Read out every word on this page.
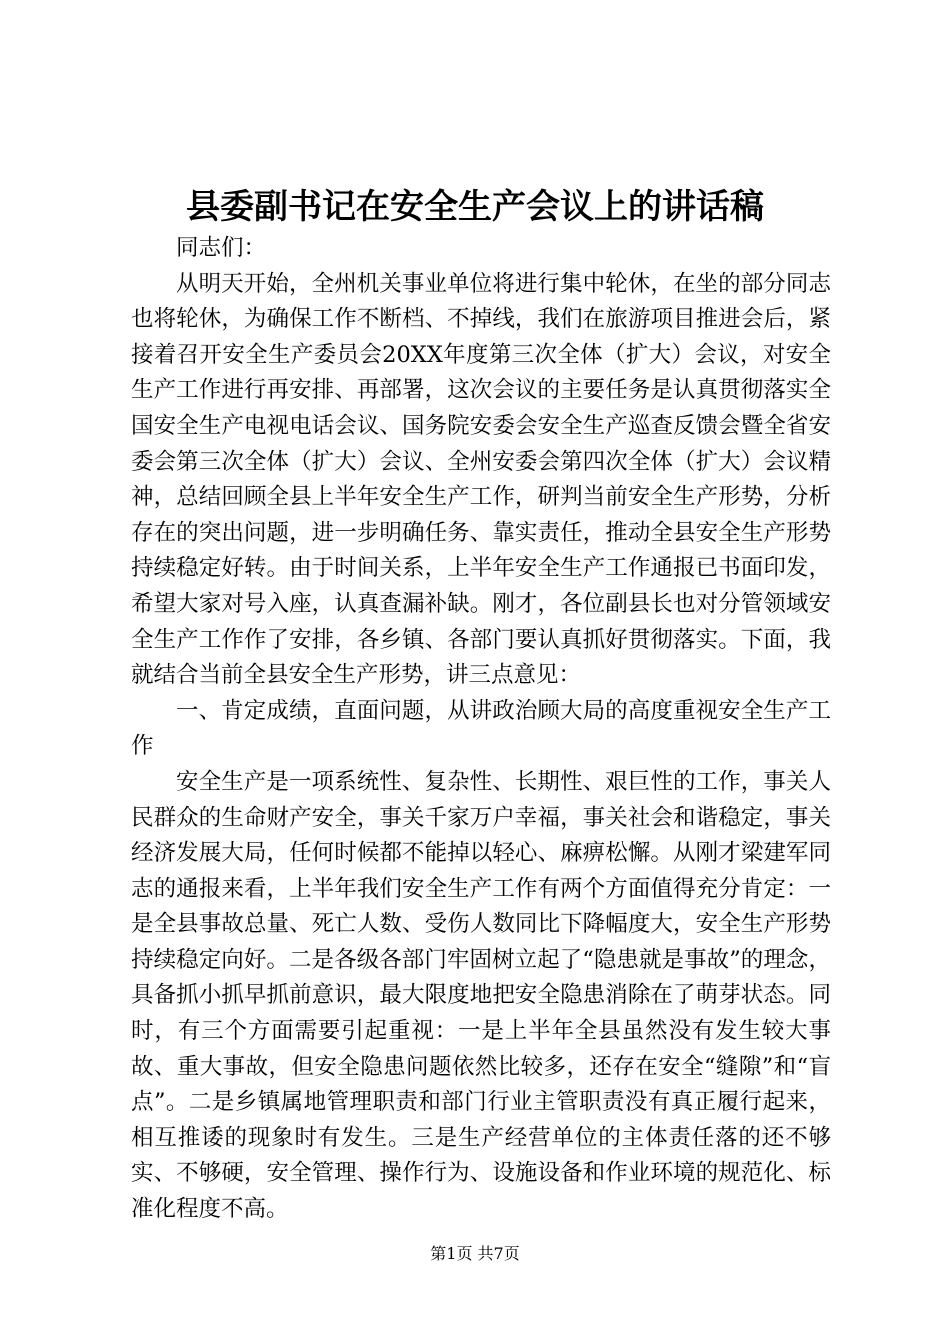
县委副书记在安全生产会议上的讲话稿

同志们：

从明天开始，全州机关事业单位将进行集中轮休，在坐的部分同志也将轮休，为确保工作不断档、不掉线，我们在旅游项目推进会后，紧接着召开安全生产委员会20XX年度第三次全体（扩大）会议，对安全生产工作进行再安排、再部署，这次会议的主要任务是认真贯彻落实全国安全生产电视电话会议、国务院安委会安全生产巡查反馈会暨全省安委会第三次全体（扩大）会议、全州安委会第四次全体（扩大）会议精神，总结回顾全县上半年安全生产工作，研判当前安全生产形势，分析存在的突出问题，进一步明确任务、靠实责任，推动全县安全生产形势持续稳定好转。由于时间关系，上半年安全生产工作通报已书面印发，希望大家对号入座，认真查漏补缺。刚才，各位副县长也对分管领域安全生产工作作了安排，各乡镇、各部门要认真抓好贯彻落实。下面，我就结合当前全县安全生产形势，讲三点意见：

一、肯定成绩，直面问题，从讲政治顾大局的高度重视安全生产工作

安全生产是一项系统性、复杂性、长期性、艰巨性的工作，事关人民群众的生命财产安全，事关千家万户幸福，事关社会和谐稳定，事关经济发展大局，任何时候都不能掉以轻心、麻痹松懈。从刚才梁建军同志的通报来看，上半年我们安全生产工作有两个方面值得充分肯定：一是全县事故总量、死亡人数、受伤人数同比下降幅度大，安全生产形势持续稳定向好。二是各级各部门牢固树立起了“隐患就是事故”的理念，具备抓小抓早抓前意识，最大限度地把安全隐患消除在了萌芽状态。同时，有三个方面需要引起重视：一是上半年全县虽然没有发生较大事故、重大事故，但安全隐患问题依然比较多，还存在安全“缝隙”和“盲点”。二是乡镇属地管理职责和部门行业主管职责没有真正履行起来，相互推诿的现象时有发生。三是生产经营单位的主体责任落的还不够实、不够硬，安全管理、操作行为、设施设备和作业环境的规范化、标准化程度不高。

第1页 共7页
